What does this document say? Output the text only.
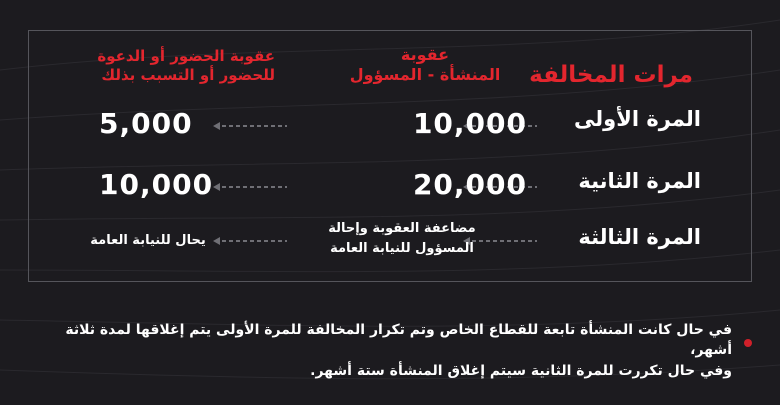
مرات المخالفة
عقوبة
المنشأة - المسؤول
عقوبة الحضور أو الدعوة
للحضور أو التسبب بذلك
المرة الأولى
10,000
5,000
المرة الثانية
20,000
10,000
المرة الثالثة
مضاعفة العقوبة وإحالة
المسؤول للنيابة العامة
يحال للنيابة العامة
في حال كانت المنشأة تابعة للقطاع الخاص وتم تكرار المخالفة للمرة الأولى يتم إغلاقها لمدة ثلاثة أشهر،
وفي حال تكررت للمرة الثانية سيتم إغلاق المنشأة ستة أشهر.
